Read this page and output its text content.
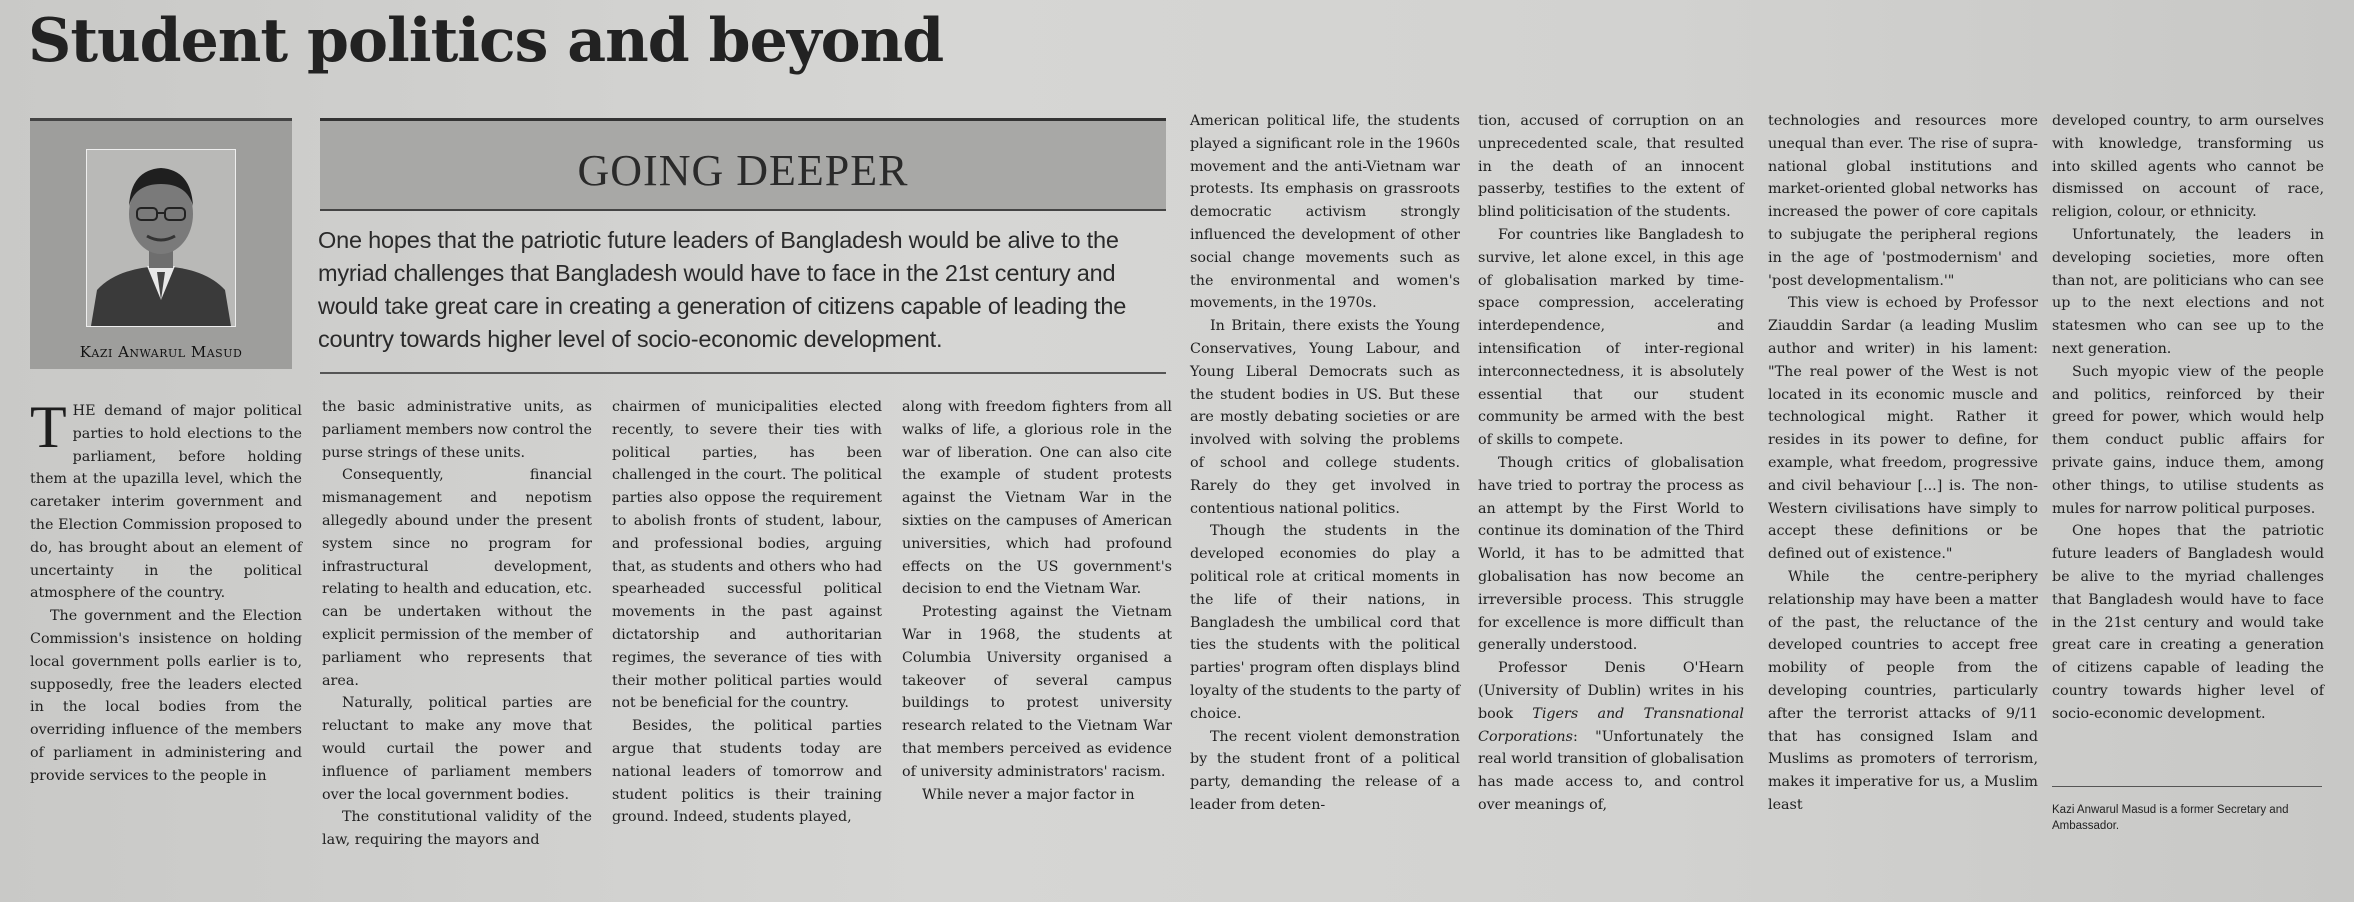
Student politics and beyond
Kazi Anwarul Masud
GOING DEEPER

One hopes that the patriotic future leaders of Bangladesh would be alive to the myriad challenges that Bangladesh would have to face in the 21st century and would take great care in creating a generation of citizens capable of leading the country towards higher level of socio-economic development.

THE demand of major political parties to hold elections to the parliament, before holding them at the upazilla level, which the caretaker interim government and the Election Commission proposed to do, has brought about an element of uncertainty in the political atmosphere of the country.

The government and the Election Commission's insistence on holding local government polls earlier is to, supposedly, free the leaders elected in the local bodies from the overriding influence of the members of parliament in administering and provide services to the people in

the basic administrative units, as parliament members now control the purse strings of these units.

Consequently, financial mismanagement and nepotism allegedly abound under the present system since no program for infrastructural development, relating to health and education, etc. can be undertaken without the explicit permission of the member of parliament who represents that area.

Naturally, political parties are reluctant to make any move that would curtail the power and influence of parliament members over the local government bodies.

The constitutional validity of the law, requiring the mayors and

chairmen of municipalities elected recently, to severe their ties with political parties, has been challenged in the court. The political parties also oppose the requirement to abolish fronts of student, labour, and professional bodies, arguing that, as students and others who had spearheaded successful political movements in the past against dictatorship and authoritarian regimes, the severance of ties with their mother political parties would not be beneficial for the country.

Besides, the political parties argue that students today are national leaders of tomorrow and student politics is their training ground. Indeed, students played,

along with freedom fighters from all walks of life, a glorious role in the war of liberation. One can also cite the example of student protests against the Vietnam War in the sixties on the campuses of American universities, which had profound effects on the US government's decision to end the Vietnam War.

Protesting against the Vietnam War in 1968, the students at Columbia University organised a takeover of several campus buildings to protest university research related to the Vietnam War that members perceived as evidence of university administrators' racism.

While never a major factor in

American political life, the students played a significant role in the 1960s movement and the anti-Vietnam war protests. Its emphasis on grassroots democratic activism strongly influenced the development of other social change movements such as the environmental and women's movements, in the 1970s.

In Britain, there exists the Young Conservatives, Young Labour, and Young Liberal Democrats such as the student bodies in US. But these are mostly debating societies or are involved with solving the problems of school and college students. Rarely do they get involved in contentious national politics.

Though the students in the developed economies do play a political role at critical moments in the life of their nations, in Bangladesh the umbilical cord that ties the students with the political parties' program often displays blind loyalty of the students to the party of choice.

The recent violent demonstration by the student front of a political party, demanding the release of a leader from deten-

tion, accused of corruption on an unprecedented scale, that resulted in the death of an innocent passerby, testifies to the extent of blind politicisation of the students.

For countries like Bangladesh to survive, let alone excel, in this age of globalisation marked by time-space compression, accelerating interdependence, and intensification of inter-regional interconnectedness, it is absolutely essential that our student community be armed with the best of skills to compete.

Though critics of globalisation have tried to portray the process as an attempt by the First World to continue its domination of the Third World, it has to be admitted that globalisation has now become an irreversible process. This struggle for excellence is more difficult than generally understood.

Professor Denis O'Hearn (University of Dublin) writes in his book Tigers and Transnational Corporations: "Unfortunately the real world transition of globalisation has made access to, and control over meanings of,

technologies and resources more unequal than ever. The rise of supra-national global institutions and market-oriented global networks has increased the power of core capitals to subjugate the peripheral regions in the age of 'postmodernism' and 'post developmentalism.'"

This view is echoed by Professor Ziauddin Sardar (a leading Muslim author and writer) in his lament: "The real power of the West is not located in its economic muscle and technological might. Rather it resides in its power to define, for example, what freedom, progressive and civil behaviour [...] is. The non-Western civilisations have simply to accept these definitions or be defined out of existence."

While the centre-periphery relationship may have been a matter of the past, the reluctance of the developed countries to accept free mobility of people from the developing countries, particularly after the terrorist attacks of 9/11 that has consigned Islam and Muslims as promoters of terrorism, makes it imperative for us, a Muslim least

developed country, to arm ourselves with knowledge, transforming us into skilled agents who cannot be dismissed on account of race, religion, colour, or ethnicity.

Unfortunately, the leaders in developing societies, more often than not, are politicians who can see up to the next elections and not statesmen who can see up to the next generation.

Such myopic view of the people and politics, reinforced by their greed for power, which would help them conduct public affairs for private gains, induce them, among other things, to utilise students as mules for narrow political purposes.

One hopes that the patriotic future leaders of Bangladesh would be alive to the myriad challenges that Bangladesh would have to face in the 21st century and would take great care in creating a generation of citizens capable of leading the country towards higher level of socio-economic development.

Kazi Anwarul Masud is a former Secretary and Ambassador.
